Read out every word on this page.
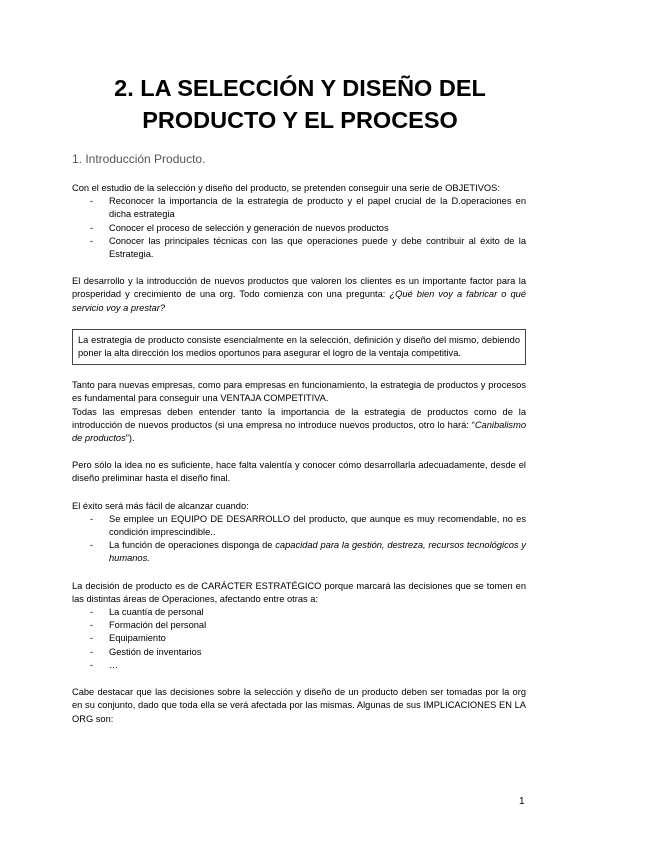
2. LA SELECCIÓN Y DISEÑO DEL
PRODUCTO Y EL PROCESO
1. Introducción Producto.

Con el estudio de la selección y diseño del producto, se pretenden conseguir una serie de OBJETIVOS:

- Reconocer la importancia de la estrategia de producto y el papel crucial de la D.operaciones en dicha estrategia
- Conocer el proceso de selección y generación de nuevos productos
- Conocer las principales técnicas con las que operaciones puede y debe contribuir al éxito de la Estrategia.

El desarrollo y la introducción de nuevos productos que valoren los clientes es un importante factor para la prosperidad y crecimiento de una org. Todo comienza con una pregunta: ¿Qué bien voy a fabricar o qué servicio voy a prestar?

La estrategia de producto consiste esencialmente en la selección, definición y diseño del mismo, debiendo poner la alta dirección los medios oportunos para asegurar el logro de la ventaja competitiva.

Tanto para nuevas empresas, como para empresas en funcionamiento, la estrategia de productos y procesos es fundamental para conseguir una VENTAJA COMPETITIVA.

Todas las empresas deben entender tanto la importancia de la estrategia de productos como de la introducción de nuevos productos (si una empresa no introduce nuevos productos, otro lo hará: “Canibalismo de productos”).

Pero sólo la idea no es suficiente, hace falta valentía y conocer cómo desarrollarla adecuadamente, desde el diseño preliminar hasta el diseño final.

El éxito será más fácil de alcanzar cuando:

- Se emplee un EQUIPO DE DESARROLLO del producto, que aunque es muy recomendable, no es condición imprescindible..
- La función de operaciones disponga de capacidad para la gestión, destreza, recursos tecnológicos y humanos.

La decisión de producto es de CARÁCTER ESTRATÉGICO porque marcará las decisiones que se tomen en las distintas áreas de Operaciones, afectando entre otras a:

- La cuantía de personal
- Formación del personal
- Equipamiento
- Gestión de inventarios
- …

Cabe destacar que las decisiones sobre la selección y diseño de un producto deben ser tomadas por la org en su conjunto, dado que toda ella se verá afectada por las mismas. Algunas de sus IMPLICACIONES EN LA ORG son:

1
